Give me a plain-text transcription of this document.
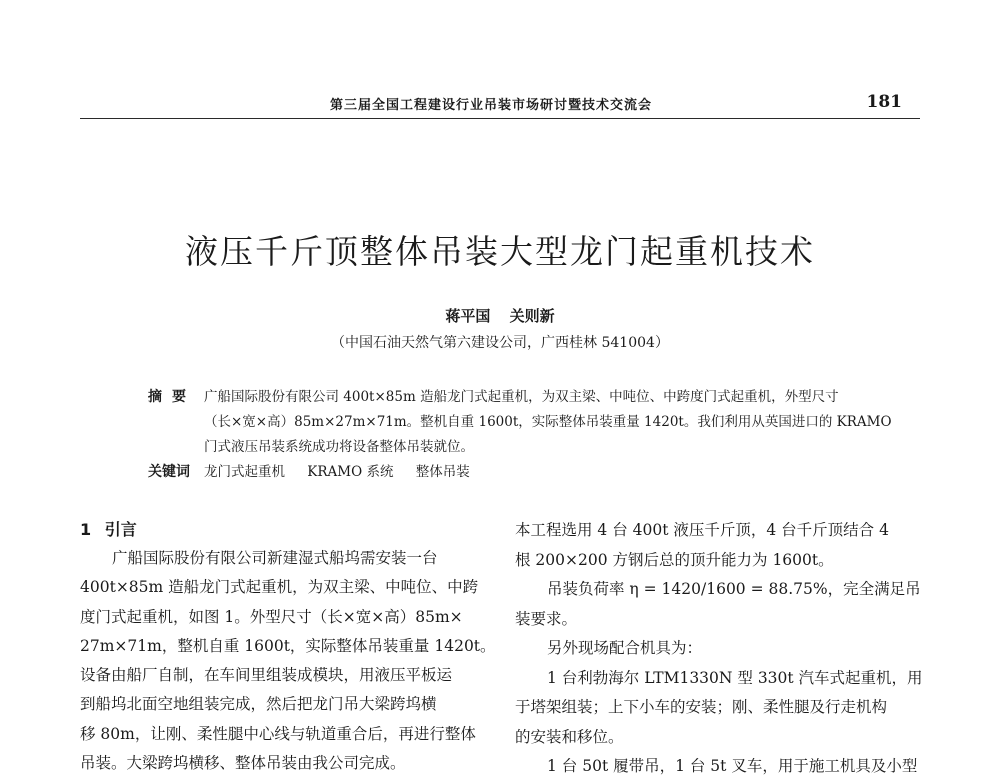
第三届全国工程建设行业吊装市场研讨暨技术交流会	181
液压千斤顶整体吊装大型龙门起重机技术
蒋平国 关则新
（中国石油天然气第六建设公司，广西桂林 541004）
摘要 广船国际股份有限公司 400t×85m 造船龙门式起重机，为双主梁、中吨位、中跨度门式起重机，外型尺寸
（长×宽×高）85m×27m×71m。整机自重 1600t，实际整体吊装重量 1420t。我们利用从英国进口的 KRAMO
门式液压吊装系统成功将设备整体吊装就位。
关键词	龙门式起重机 KRAMO 系统 整体吊装
1 引言
广船国际股份有限公司新建湿式船坞需安装一台
400t×85m 造船龙门式起重机，为双主梁、中吨位、中跨
度门式起重机，如图 1。外型尺寸（长×宽×高）85m×
27m×71m，整机自重 1600t，实际整体吊装重量 1420t。
设备由船厂自制，在车间里组装成模块，用液压平板运
到船坞北面空地组装完成，然后把龙门吊大梁跨坞横
移 80m，让刚、柔性腿中心线与轨道重合后，再进行整体
吊装。大梁跨坞横移、整体吊装由我公司完成。
本工程选用 4 台 400t 液压千斤顶，4 台千斤顶结合 4
根 200×200 方钢后总的顶升能力为 1600t。
吊装负荷率 η = 1420/1600 = 88.75%，完全满足吊
装要求。
另外现场配合机具为：
1 台利勃海尔 LTM1330N 型 330t 汽车式起重机，用
于塔架组装；上下小车的安装；刚、柔性腿及行走机构
的安装和移位。
1 台 50t 履带吊，1 台 5t 叉车，用于施工机具及小型
